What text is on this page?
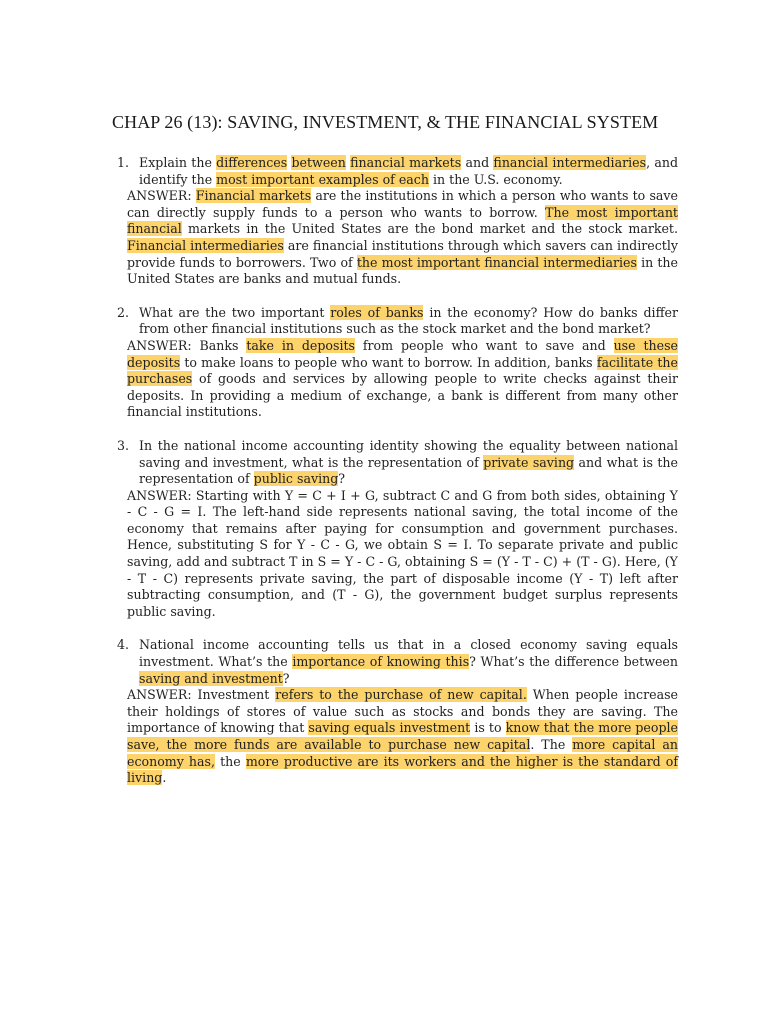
CHAP 26 (13): SAVING, INVESTMENT, & THE FINANCIAL SYSTEM
1. Explain the differences between financial markets and financial intermediaries, and identify the most important examples of each in the U.S. economy.
ANSWER: Financial markets are the institutions in which a person who wants to save can directly supply funds to a person who wants to borrow. The most important financial markets in the United States are the bond market and the stock market. Financial intermediaries are financial institutions through which savers can indirectly provide funds to borrowers. Two of the most important financial intermediaries in the United States are banks and mutual funds.
2. What are the two important roles of banks in the economy? How do banks differ from other financial institutions such as the stock market and the bond market?
ANSWER: Banks take in deposits from people who want to save and use these deposits to make loans to people who want to borrow. In addition, banks facilitate the purchases of goods and services by allowing people to write checks against their deposits. In providing a medium of exchange, a bank is different from many other financial institutions.
3. In the national income accounting identity showing the equality between national saving and investment, what is the representation of private saving and what is the representation of public saving?
ANSWER: Starting with Y = C + I + G, subtract C and G from both sides, obtaining Y - C - G = I. The left-hand side represents national saving, the total income of the economy that remains after paying for consumption and government purchases. Hence, substituting S for Y - C - G, we obtain S = I. To separate private and public saving, add and subtract T in S = Y - C - G, obtaining S = (Y - T - C) + (T - G). Here, (Y - T - C) represents private saving, the part of disposable income (Y - T) left after subtracting consumption, and (T - G), the government budget surplus represents public saving.
4. National income accounting tells us that in a closed economy saving equals investment. What’s the importance of knowing this? What’s the difference between saving and investment?
ANSWER: Investment refers to the purchase of new capital. When people increase their holdings of stores of value such as stocks and bonds they are saving. The importance of knowing that saving equals investment is to know that the more people save, the more funds are available to purchase new capital. The more capital an economy has, the more productive are its workers and the higher is the standard of living.
